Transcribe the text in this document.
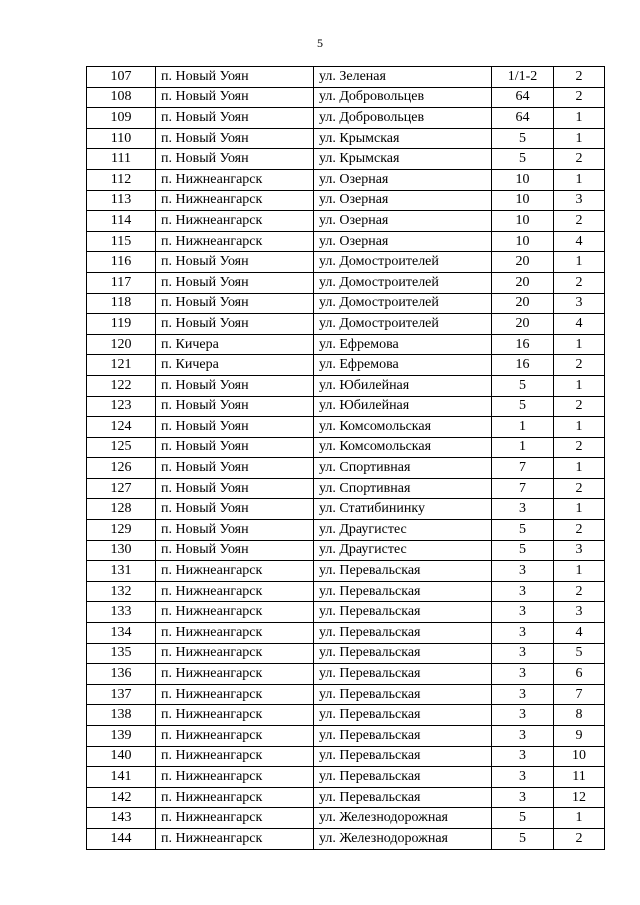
5
107	п. Новый Уоян	ул. Зеленая	1/1-2	2
108	п. Новый Уоян	ул. Добровольцев	64	2
109	п. Новый Уоян	ул. Добровольцев	64	1
110	п. Новый Уоян	ул. Крымская	5	1
111	п. Новый Уоян	ул. Крымская	5	2
112	п. Нижнеангарск	ул. Озерная	10	1
113	п. Нижнеангарск	ул. Озерная	10	3
114	п. Нижнеангарск	ул. Озерная	10	2
115	п. Нижнеангарск	ул. Озерная	10	4
116	п. Новый Уоян	ул. Домостроителей	20	1
117	п. Новый Уоян	ул. Домостроителей	20	2
118	п. Новый Уоян	ул. Домостроителей	20	3
119	п. Новый Уоян	ул. Домостроителей	20	4
120	п. Кичера	ул. Ефремова	16	1
121	п. Кичера	ул. Ефремова	16	2
122	п. Новый Уоян	ул. Юбилейная	5	1
123	п. Новый Уоян	ул. Юбилейная	5	2
124	п. Новый Уоян	ул. Комсомольская	1	1
125	п. Новый Уоян	ул. Комсомольская	1	2
126	п. Новый Уоян	ул. Спортивная	7	1
127	п. Новый Уоян	ул. Спортивная	7	2
128	п. Новый Уоян	ул. Статибининку	3	1
129	п. Новый Уоян	ул. Драугистес	5	2
130	п. Новый Уоян	ул. Драугистес	5	3
131	п. Нижнеангарск	ул. Перевальская	3	1
132	п. Нижнеангарск	ул. Перевальская	3	2
133	п. Нижнеангарск	ул. Перевальская	3	3
134	п. Нижнеангарск	ул. Перевальская	3	4
135	п. Нижнеангарск	ул. Перевальская	3	5
136	п. Нижнеангарск	ул. Перевальская	3	6
137	п. Нижнеангарск	ул. Перевальская	3	7
138	п. Нижнеангарск	ул. Перевальская	3	8
139	п. Нижнеангарск	ул. Перевальская	3	9
140	п. Нижнеангарск	ул. Перевальская	3	10
141	п. Нижнеангарск	ул. Перевальская	3	11
142	п. Нижнеангарск	ул. Перевальская	3	12
143	п. Нижнеангарск	ул. Железнодорожная	5	1
144	п. Нижнеангарск	ул. Железнодорожная	5	2
